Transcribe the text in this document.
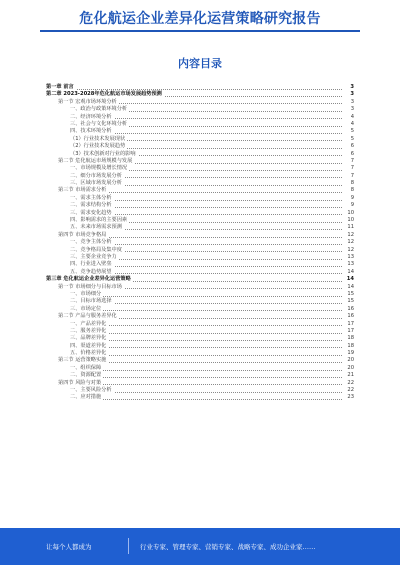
危化航运企业差异化运营策略研究报告
内容目录
第一章 前言	3
第二章 2023-2028年危化航运市场发展趋势预测	3
第一节 宏观市场环境分析	3
一、政治与政策环境分析	3
二、经济环境分析	4
三、社会与文化环境分析	4
四、技术环境分析	5
（1）行业技术发展现状	5
（2）行业技术发展趋势	6
（3）技术创新对行业的影响	6
第二节 危化航运市场规模与发展	7
一、市场规模及增长情况	7
二、细分市场发展分析	7
三、区域市场发展分析	8
第三节 市场需求分析	8
一、需求主体分析	9
二、需求结构分析	9
三、需求变化趋势	10
四、影响需求的主要因素	10
五、未来市场需求预测	11
第四节 市场竞争格局	12
一、竞争主体分析	12
二、竞争格局及集中度	12
三、主要企业竞争力	13
四、行业进入壁垒	13
五、竞争趋势展望	14
第三章 危化航运企业差异化运营策略	14
第一节 市场细分与目标市场	14
一、市场细分	15
二、目标市场选择	15
三、市场定位	16
第二节 产品与服务差异化	16
一、产品差异化	17
二、服务差异化	17
三、品牌差异化	18
四、渠道差异化	18
五、价格差异化	19
第三节 运营策略实施	20
一、组织保障	20
二、资源配置	21
第四节 风险与对策	22
一、主要风险分析	22
二、应对措施	23
让每个人都成为	行业专家、管理专家、营销专家、战略专家、成功企业家……
